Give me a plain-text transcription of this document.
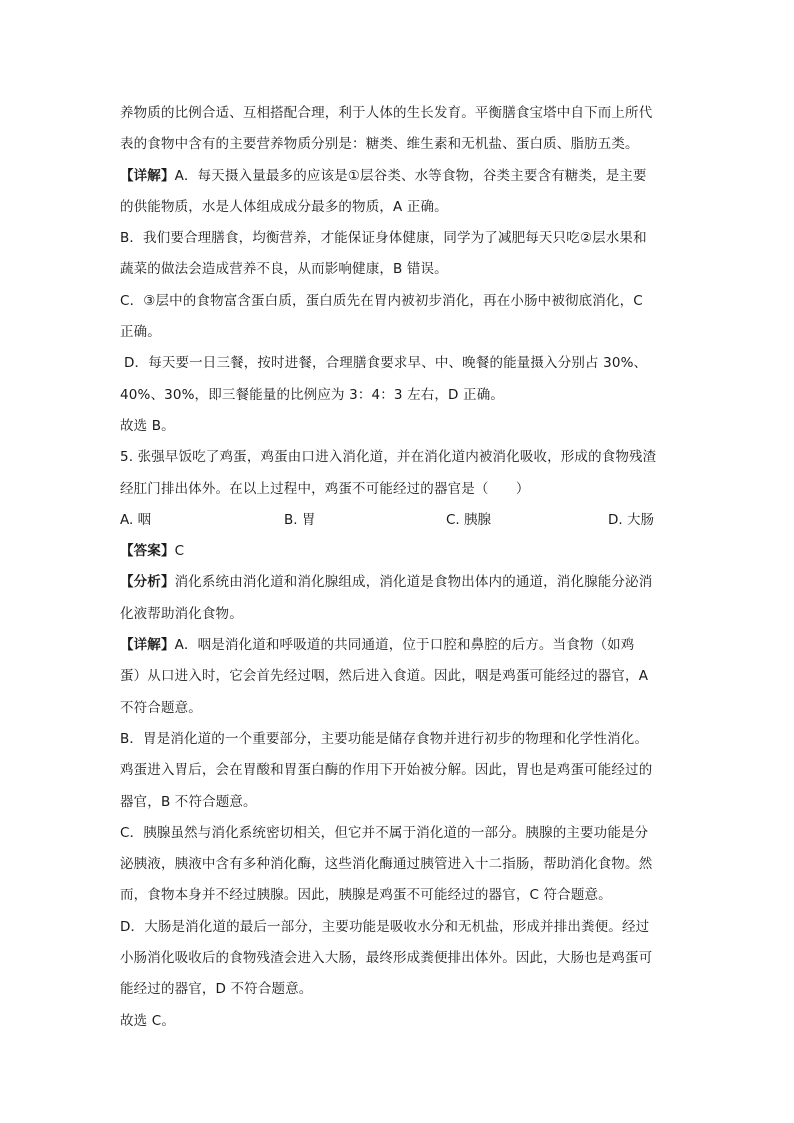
养物质的比例合适、互相搭配合理，利于人体的生长发育。平衡膳食宝塔中自下而上所代
表的食物中含有的主要营养物质分别是：糖类、维生素和无机盐、蛋白质、脂肪五类。
【详解】A．每天摄入量最多的应该是①层谷类、水等食物，谷类主要含有糖类，是主要
的供能物质，水是人体组成成分最多的物质，A 正确。
B．我们要合理膳食，均衡营养，才能保证身体健康，同学为了减肥每天只吃②层水果和
蔬菜的做法会造成营养不良，从而影响健康，B 错误。
C．③层中的食物富含蛋白质，蛋白质先在胃内被初步消化，再在小肠中被彻底消化，C
正确。
D．每天要一日三餐，按时进餐，合理膳食要求早、中、晚餐的能量摄入分别占 30%、
40%、30%，即三餐能量的比例应为 3：4：3 左右，D 正确。
故选 B。
5. 张强早饭吃了鸡蛋，鸡蛋由口进入消化道，并在消化道内被消化吸收，形成的食物残渣
经肛门排出体外。在以上过程中，鸡蛋不可能经过的器官是（　　）
A. 咽	B. 胃	C. 胰腺	D. 大肠
【答案】C
【分析】消化系统由消化道和消化腺组成，消化道是食物出体内的通道，消化腺能分泌消
化液帮助消化食物。
【详解】A．咽是消化道和呼吸道的共同通道，位于口腔和鼻腔的后方。当食物（如鸡
蛋）从口进入时，它会首先经过咽，然后进入食道。因此，咽是鸡蛋可能经过的器官，A
不符合题意。
B．胃是消化道的一个重要部分，主要功能是储存食物并进行初步的物理和化学性消化。
鸡蛋进入胃后，会在胃酸和胃蛋白酶的作用下开始被分解。因此，胃也是鸡蛋可能经过的
器官，B 不符合题意。
C．胰腺虽然与消化系统密切相关，但它并不属于消化道的一部分。胰腺的主要功能是分
泌胰液，胰液中含有多种消化酶，这些消化酶通过胰管进入十二指肠，帮助消化食物。然
而，食物本身并不经过胰腺。因此，胰腺是鸡蛋不可能经过的器官，C 符合题意。
D．大肠是消化道的最后一部分，主要功能是吸收水分和无机盐，形成并排出粪便。经过
小肠消化吸收后的食物残渣会进入大肠，最终形成粪便排出体外。因此，大肠也是鸡蛋可
能经过的器官，D 不符合题意。
故选 C。
